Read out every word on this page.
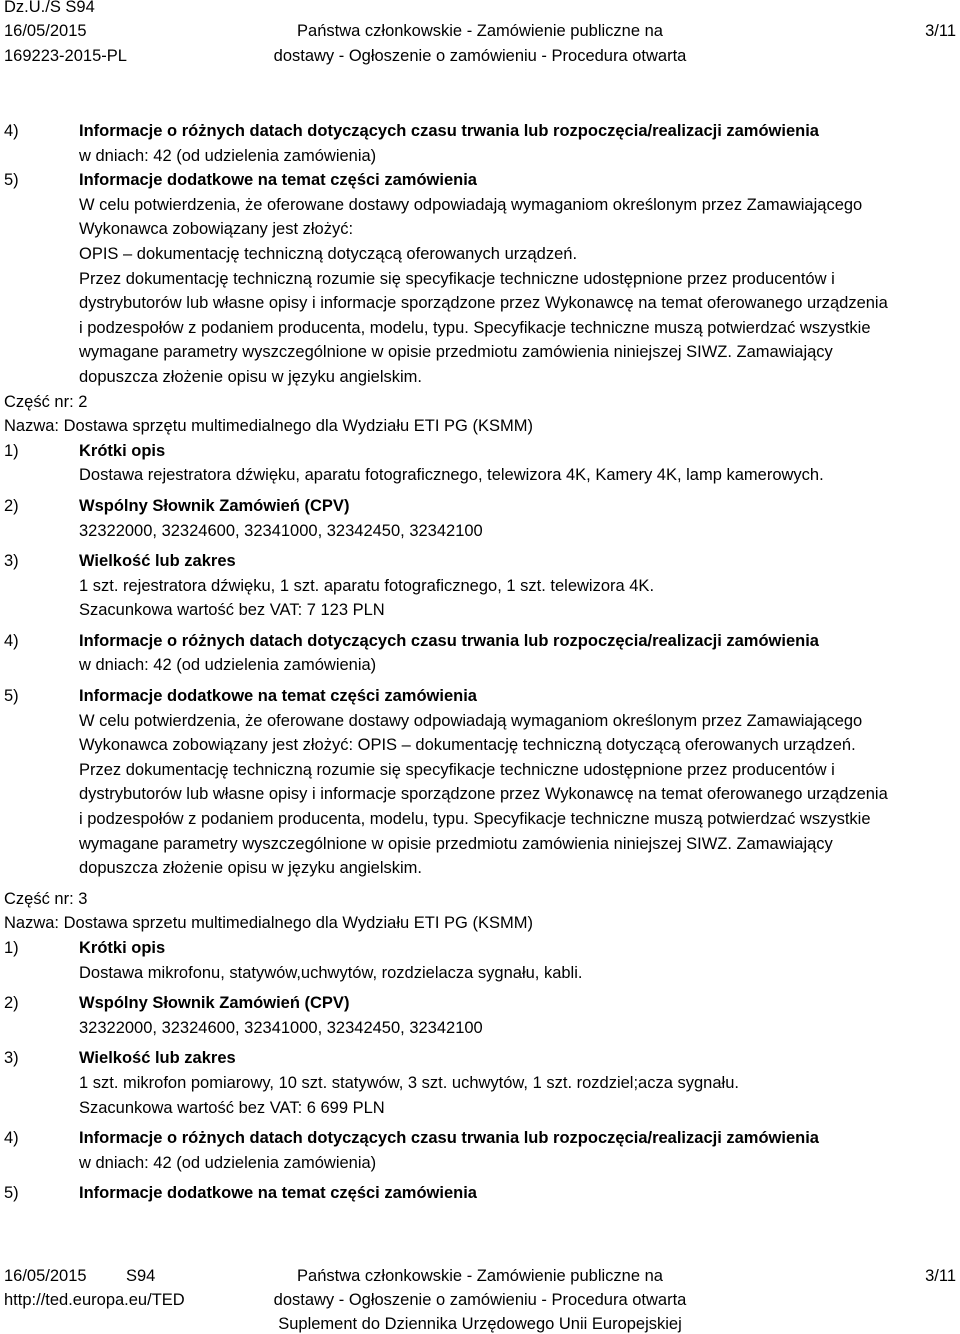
Dz.U./S S94
16/05/2015
169223-2015-PL
Państwa członkowskie - Zamówienie publiczne na
dostawy - Ogłoszenie o zamówieniu - Procedura otwarta
3/11
4)	Informacje o różnych datach dotyczących czasu trwania lub rozpoczęcia/realizacji zamówienia
w dniach: 42 (od udzielenia zamówienia)
5)	Informacje dodatkowe na temat części zamówienia
W celu potwierdzenia, że oferowane dostawy odpowiadają wymaganiom określonym przez Zamawiającego
Wykonawca zobowiązany jest złożyć:
OPIS – dokumentację techniczną dotyczącą oferowanych urządzeń.
Przez dokumentację techniczną rozumie się specyfikacje techniczne udostępnione przez producentów i
dystrybutorów lub własne opisy i informacje sporządzone przez Wykonawcę na temat oferowanego urządzenia
i podzespołów z podaniem producenta, modelu, typu. Specyfikacje techniczne muszą potwierdzać wszystkie
wymagane parametry wyszczególnione w opisie przedmiotu zamówienia niniejszej SIWZ. Zamawiający
dopuszcza złożenie opisu w języku angielskim.
Część nr: 2
Nazwa: Dostawa sprzętu multimedialnego dla Wydziału ETI PG (KSMM)
1)	Krótki opis
Dostawa rejestratora dźwięku, aparatu fotograficznego, telewizora 4K, Kamery 4K, lamp kamerowych.
2)	Wspólny Słownik Zamówień (CPV)
32322000, 32324600, 32341000, 32342450, 32342100
3)	Wielkość lub zakres
1 szt. rejestratora dźwięku, 1 szt. aparatu fotograficznego, 1 szt. telewizora 4K.
Szacunkowa wartość bez VAT: 7 123 PLN
4)	Informacje o różnych datach dotyczących czasu trwania lub rozpoczęcia/realizacji zamówienia
w dniach: 42 (od udzielenia zamówienia)
5)	Informacje dodatkowe na temat części zamówienia
W celu potwierdzenia, że oferowane dostawy odpowiadają wymaganiom określonym przez Zamawiającego
Wykonawca zobowiązany jest złożyć: OPIS – dokumentację techniczną dotyczącą oferowanych urządzeń.
Przez dokumentację techniczną rozumie się specyfikacje techniczne udostępnione przez producentów i
dystrybutorów lub własne opisy i informacje sporządzone przez Wykonawcę na temat oferowanego urządzenia
i podzespołów z podaniem producenta, modelu, typu. Specyfikacje techniczne muszą potwierdzać wszystkie
wymagane parametry wyszczególnione w opisie przedmiotu zamówienia niniejszej SIWZ. Zamawiający
dopuszcza złożenie opisu w języku angielskim.
Część nr: 3
Nazwa: Dostawa sprzetu multimedialnego dla Wydziału ETI PG (KSMM)
1)	Krótki opis
Dostawa mikrofonu, statywów,uchwytów, rozdzielacza sygnału, kabli.
2)	Wspólny Słownik Zamówień (CPV)
32322000, 32324600, 32341000, 32342450, 32342100
3)	Wielkość lub zakres
1 szt. mikrofon pomiarowy, 10 szt. statywów, 3 szt. uchwytów, 1 szt. rozdziel;acza sygnału.
Szacunkowa wartość bez VAT: 6 699 PLN
4)	Informacje o różnych datach dotyczących czasu trwania lub rozpoczęcia/realizacji zamówienia
w dniach: 42 (od udzielenia zamówienia)
5)	Informacje dodatkowe na temat części zamówienia
16/05/2015 S94
http://ted.europa.eu/TED
Państwa członkowskie - Zamówienie publiczne na
dostawy - Ogłoszenie o zamówieniu - Procedura otwarta
Suplement do Dziennika Urzędowego Unii Europejskiej
3/11
